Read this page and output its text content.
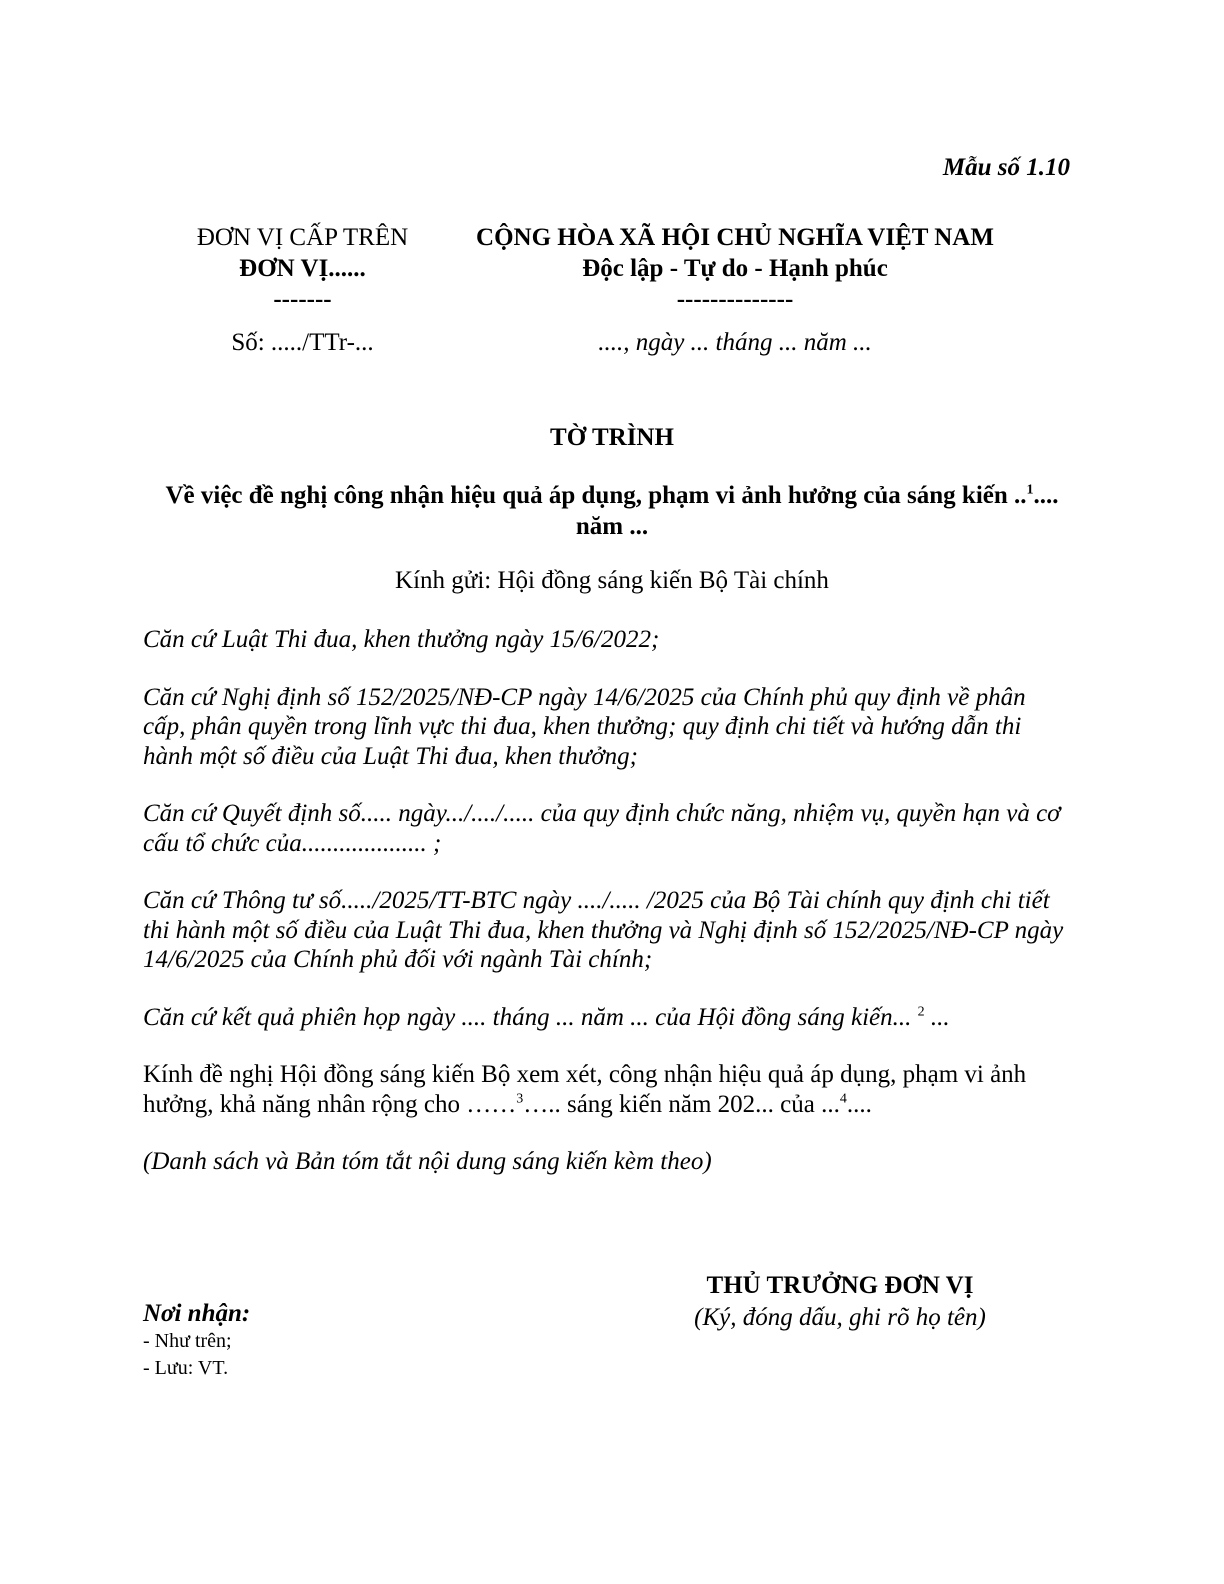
Mẫu số 1.10
ĐƠN VỊ CẤP TRÊN
ĐƠN VỊ......
-------
Số: ...../TTr-...
CỘNG HÒA XÃ HỘI CHỦ NGHĨA VIỆT NAM
Độc lập - Tự do - Hạnh phúc
--------------
...., ngày ... tháng ... năm ...
TỜ TRÌNH
Về việc đề nghị công nhận hiệu quả áp dụng, phạm vi ảnh hưởng của sáng kiến ..$^1$....
năm ...
Kính gửi: Hội đồng sáng kiến Bộ Tài chính

Căn cứ Luật Thi đua, khen thưởng ngày 15/6/2022;

Căn cứ Nghị định số 152/2025/NĐ-CP ngày 14/6/2025 của Chính phủ quy định về phân cấp, phân quyền trong lĩnh vực thi đua, khen thưởng; quy định chi tiết và hướng dẫn thi hành một số điều của Luật Thi đua, khen thưởng;

Căn cứ Quyết định số..... ngày.../..../..... của quy định chức năng, nhiệm vụ, quyền hạn và cơ cấu tổ chức của.................... ;

Căn cứ Thông tư số...../2025/TT-BTC ngày ..../..... /2025 của Bộ Tài chính quy định chi tiết thi hành một số điều của Luật Thi đua, khen thưởng và Nghị định số 152/2025/NĐ-CP ngày 14/6/2025 của Chính phủ đối với ngành Tài chính;

Căn cứ kết quả phiên họp ngày .... tháng ... năm ... của Hội đồng sáng kiến... $^2$ ...

Kính đề nghị Hội đồng sáng kiến Bộ xem xét, công nhận hiệu quả áp dụng, phạm vi ảnh hưởng, khả năng nhân rộng cho ……$^3$….. sáng kiến năm 202... của ...$^4$....

(Danh sách và Bản tóm tắt nội dung sáng kiến kèm theo)

THỦ TRƯỞNG ĐƠN VỊ
(Ký, đóng dấu, ghi rõ họ tên)
Nơi nhận:
- Như trên;
- Lưu: VT.
